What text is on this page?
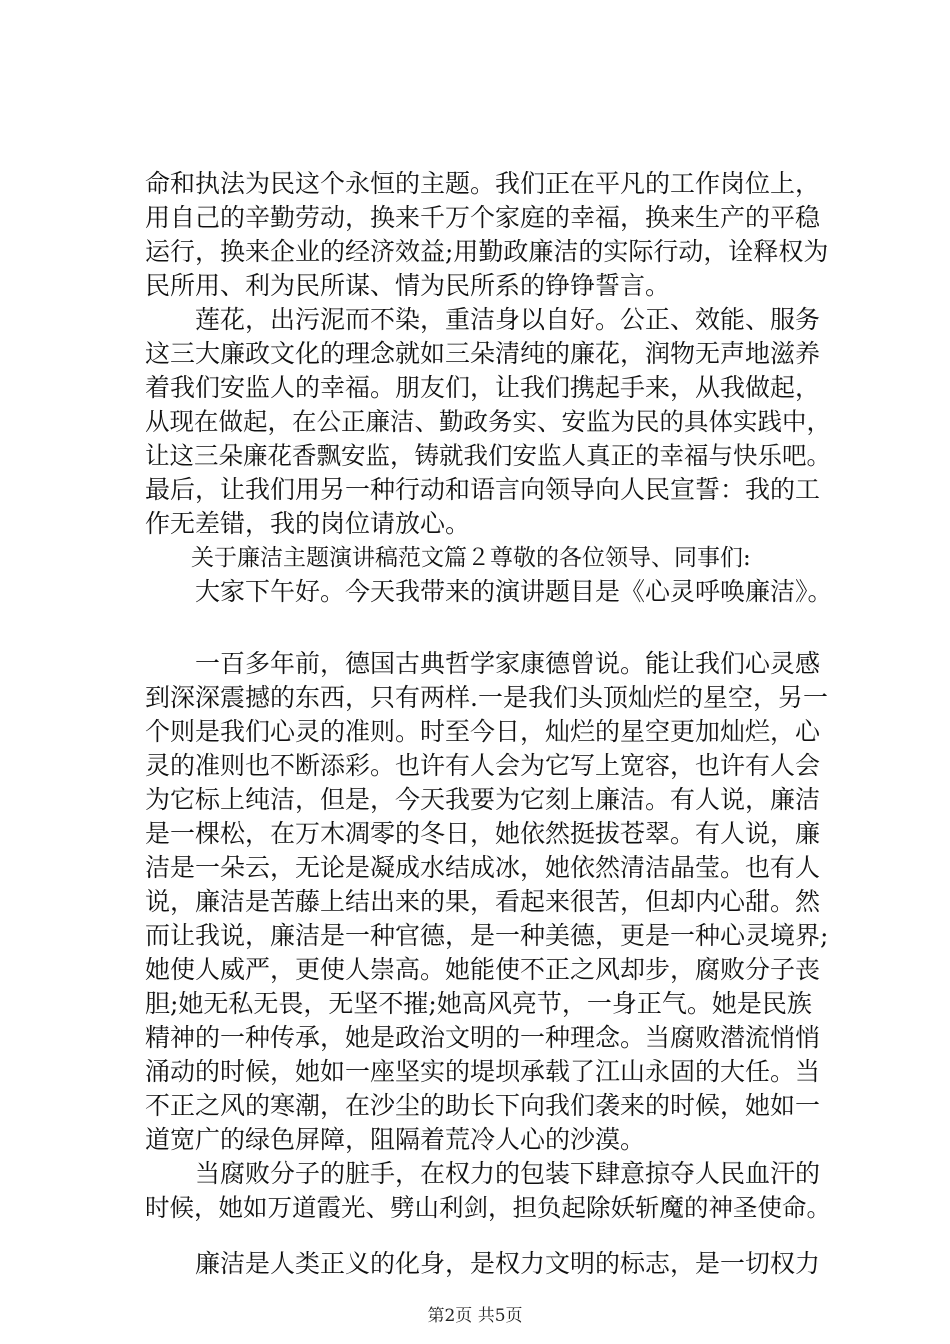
命和执法为民这个永恒的主题。我们正在平凡的工作岗位上，
用自己的辛勤劳动，换来千万个家庭的幸福，换来生产的平稳
运行，换来企业的经济效益;用勤政廉洁的实际行动，诠释权为
民所用、利为民所谋、情为民所系的铮铮誓言。
　　莲花，出污泥而不染，重洁身以自好。公正、效能、服务
这三大廉政文化的理念就如三朵清纯的廉花，润物无声地滋养
着我们安监人的幸福。朋友们，让我们携起手来，从我做起，
从现在做起，在公正廉洁、勤政务实、安监为民的具体实践中，
让这三朵廉花香飘安监，铸就我们安监人真正的幸福与快乐吧。
最后，让我们用另一种行动和语言向领导向人民宣誓：我的工
作无差错，我的岗位请放心。
　　关于廉洁主题演讲稿范文篇２尊敬的各位领导、同事们:
　　大家下午好。今天我带来的演讲题目是《心灵呼唤廉洁》。
　　一百多年前，德国古典哲学家康德曾说。能让我们心灵感
到深深震撼的东西，只有两样.一是我们头顶灿烂的星空，另一
个则是我们心灵的准则。时至今日，灿烂的星空更加灿烂，心
灵的准则也不断添彩。也许有人会为它写上宽容，也许有人会
为它标上纯洁，但是，今天我要为它刻上廉洁。有人说，廉洁
是一棵松，在万木凋零的冬日，她依然挺拔苍翠。有人说，廉
洁是一朵云，无论是凝成水结成冰，她依然清洁晶莹。也有人
说，廉洁是苦藤上结出来的果，看起来很苦，但却内心甜。然
而让我说，廉洁是一种官德，是一种美德，更是一种心灵境界;
她使人威严，更使人崇高。她能使不正之风却步，腐败分子丧
胆;她无私无畏，无坚不摧;她高风亮节，一身正气。她是民族
精神的一种传承，她是政治文明的一种理念。当腐败潜流悄悄
涌动的时候，她如一座坚实的堤坝承载了江山永固的大任。当
不正之风的寒潮，在沙尘的助长下向我们袭来的时候，她如一
道宽广的绿色屏障，阻隔着荒冷人心的沙漠。
　　当腐败分子的脏手，在权力的包装下肆意掠夺人民血汗的
时候，她如万道霞光、劈山利剑，担负起除妖斩魔的神圣使命。
　　廉洁是人类正义的化身，是权力文明的标志，是一切权力
第2页 共5页
